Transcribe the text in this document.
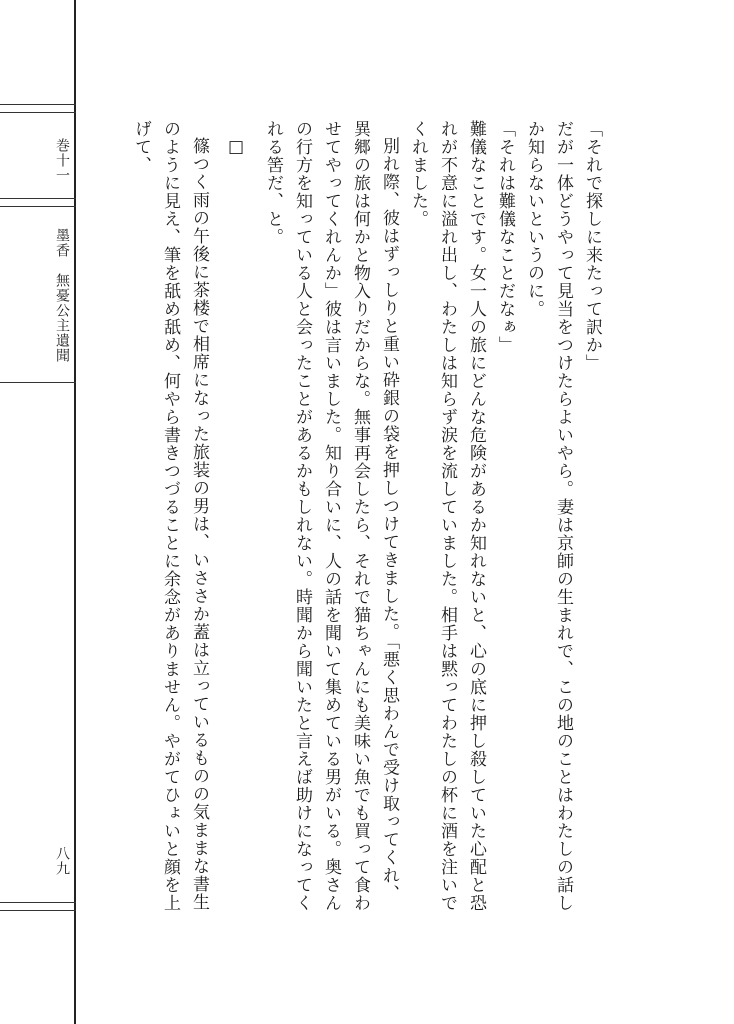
巻十一
墨香　無憂公主遺聞
八九

「それで探しに来たって訳か」

だが一体どうやって見当をつけたらよいやら。妻は京師の生まれで、この地のことはわたしの話しか知らないというのに。

「それは難儀なことだなぁ」

難儀なことです。女一人の旅にどんな危険があるか知れないと、心の底に押し殺していた心配と恐れが不意に溢れ出し、わたしは知らず涙を流していました。相手は黙ってわたしの杯に酒を注いでくれました。

別れ際、彼はずっしりと重い砕銀の袋を押しつけてきました。「悪く思わんで受け取ってくれ、異郷の旅は何かと物入りだからな。無事再会したら、それで猫ちゃんにも美味い魚でも買って食わせてやってくれんか」彼は言いました。知り合いに、人の話を聞いて集めている男がいる。奥さんの行方を知っている人と会ったことがあるかもしれない。時聞から聞いたと言えば助けになってくれる筈だ、と。

□

篠つく雨の午後に茶楼で相席になった旅装の男は、いささか蓋は立っているものの気ままな書生のように見え、筆を舐め舐め、何やら書きつづることに余念がありません。やがてひょいと顔を上げて、
